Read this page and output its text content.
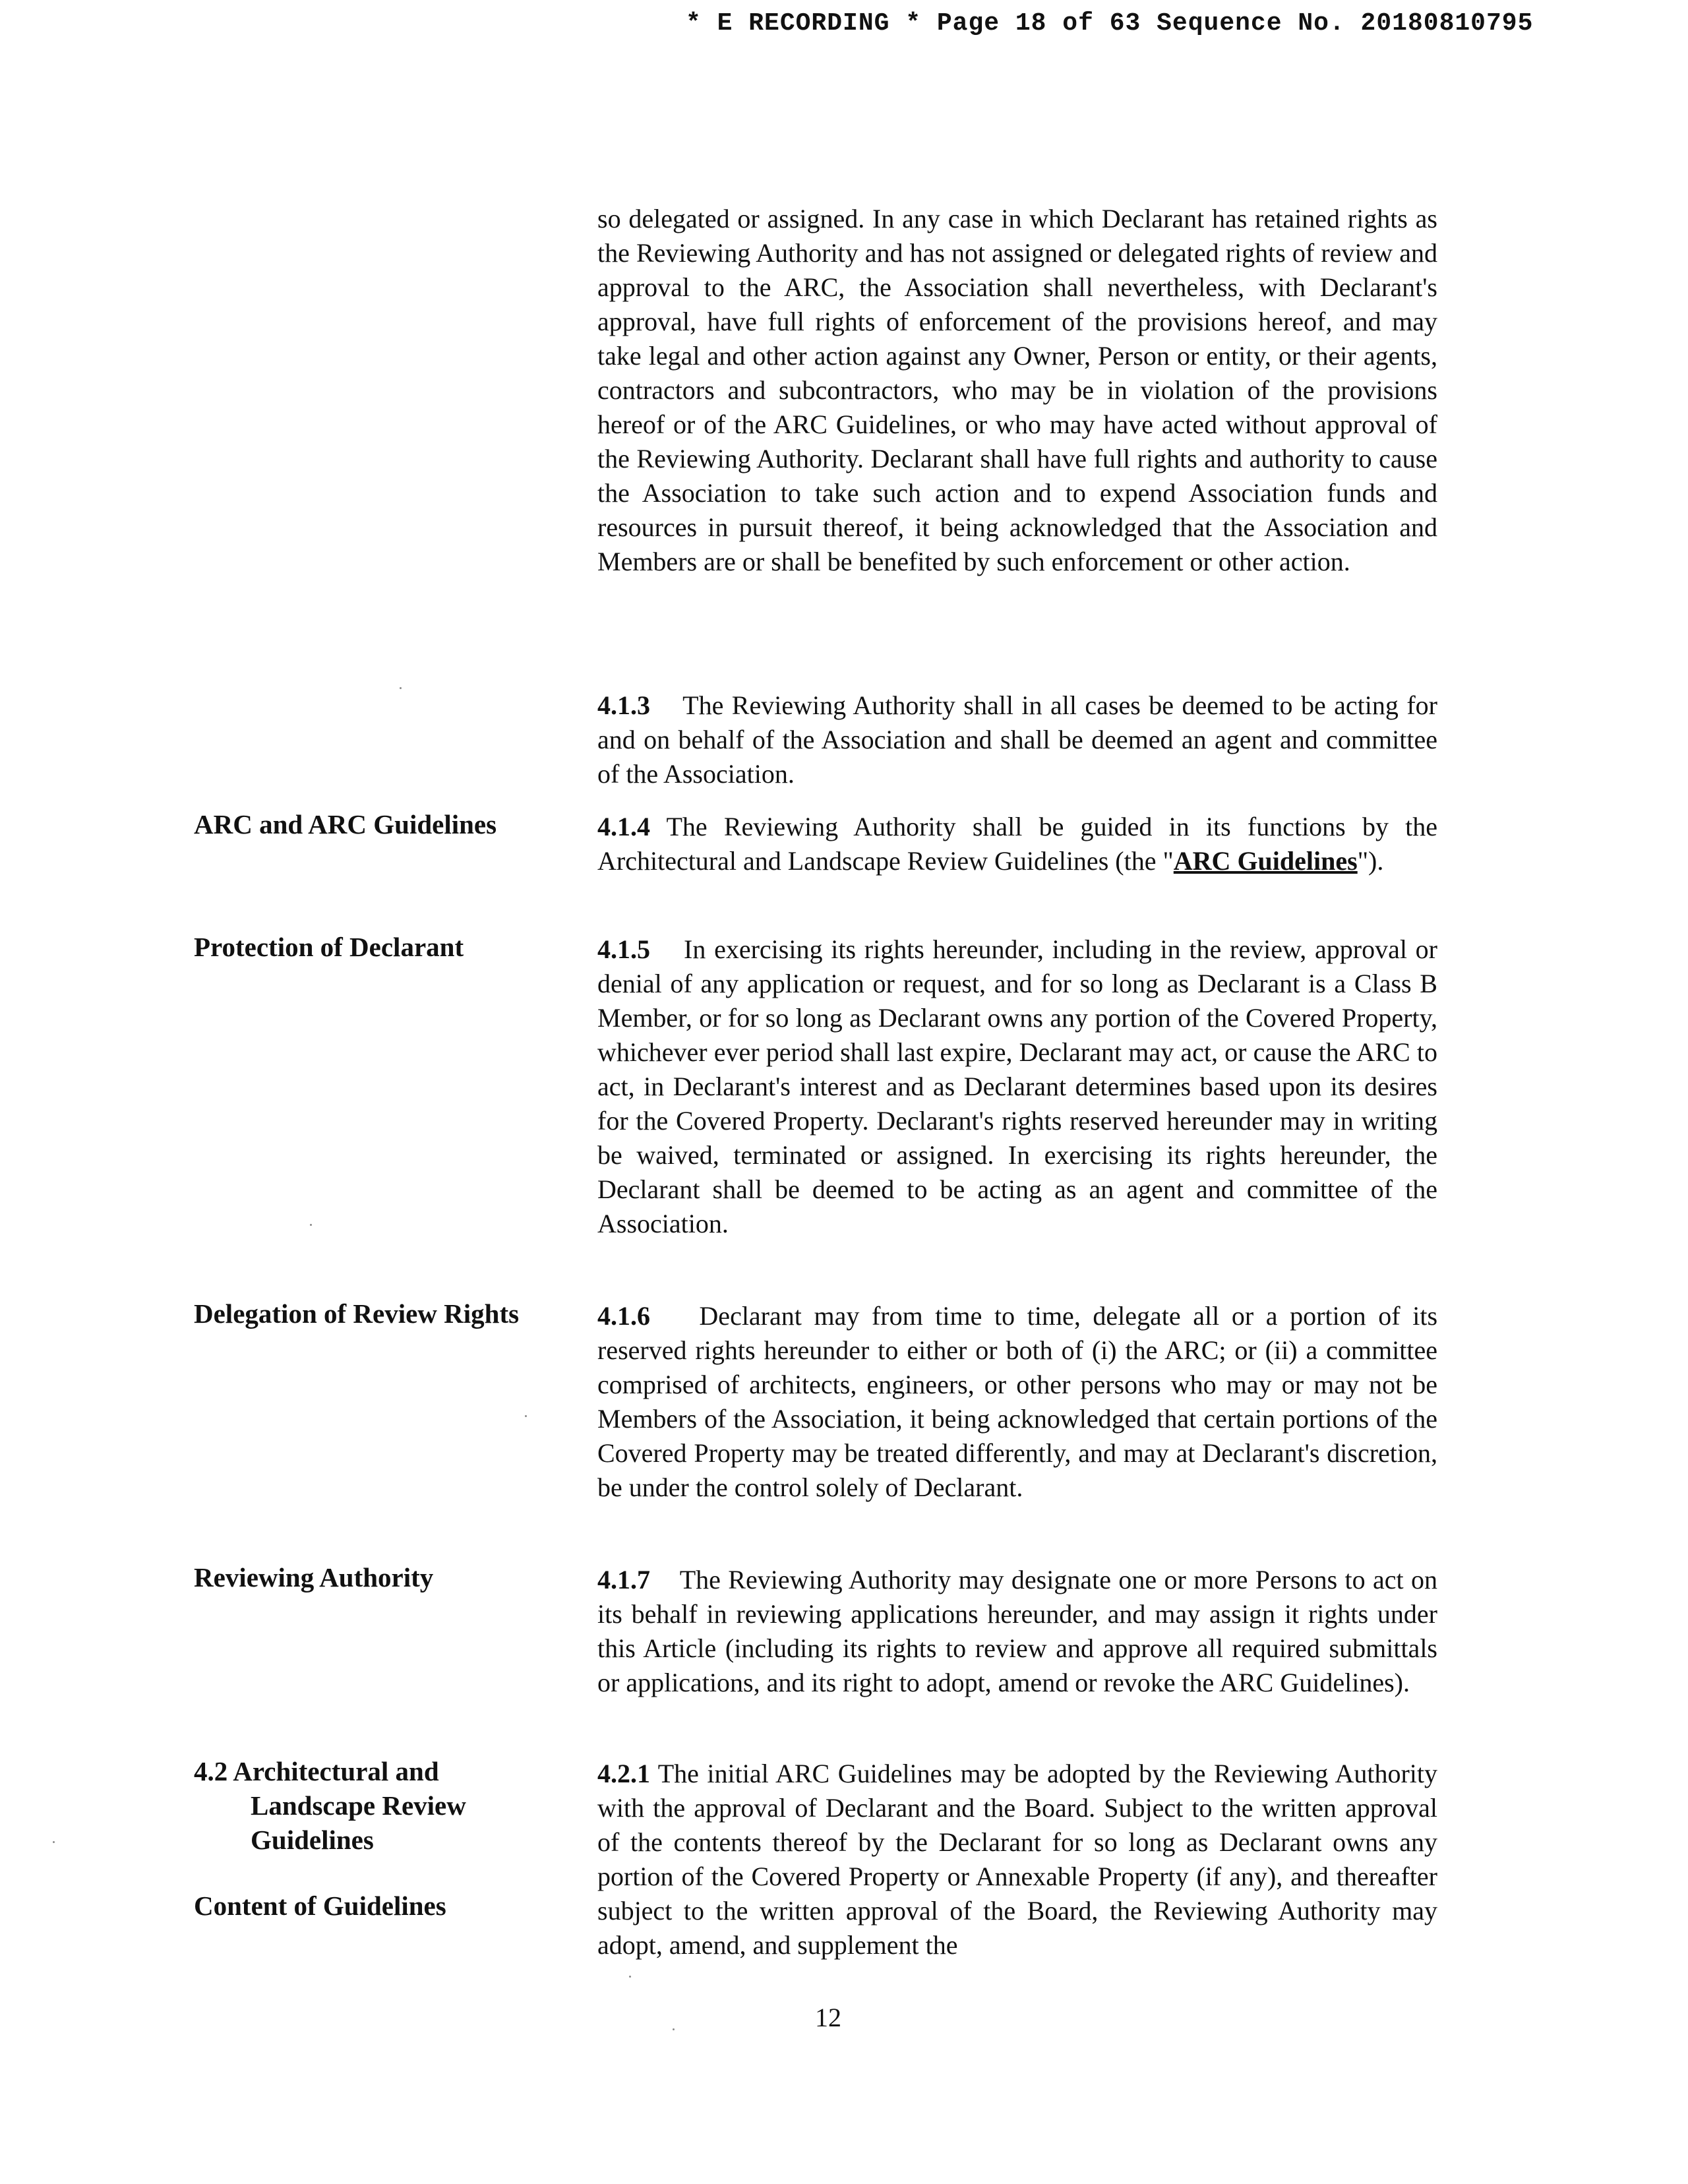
* E RECORDING * Page 18 of 63 Sequence No. 20180810795

so delegated or assigned. In any case in which Declarant has retained rights as the Reviewing Authority and has not assigned or delegated rights of review and approval to the ARC, the Association shall nevertheless, with Declarant's approval, have full rights of enforcement of the provisions hereof, and may take legal and other action against any Owner, Person or entity, or their agents, contractors and subcontractors, who may be in violation of the provisions hereof or of the ARC Guidelines, or who may have acted without approval of the Reviewing Authority. Declarant shall have full rights and authority to cause the Association to take such action and to expend Association funds and resources in pursuit thereof, it being acknowledged that the Association and Members are or shall be benefited by such enforcement or other action.

4.1.3 The Reviewing Authority shall in all cases be deemed to be acting for and on behalf of the Association and shall be deemed an agent and committee of the Association.

4.1.4 The Reviewing Authority shall be guided in its functions by the Architectural and Landscape Review Guidelines (the "ARC Guidelines").

4.1.5 In exercising its rights hereunder, including in the review, approval or denial of any application or request, and for so long as Declarant is a Class B Member, or for so long as Declarant owns any portion of the Covered Property, whichever ever period shall last expire, Declarant may act, or cause the ARC to act, in Declarant's interest and as Declarant determines based upon its desires for the Covered Property. Declarant's rights reserved hereunder may in writing be waived, terminated or assigned. In exercising its rights hereunder, the Declarant shall be deemed to be acting as an agent and committee of the Association.

4.1.6 Declarant may from time to time, delegate all or a portion of its reserved rights hereunder to either or both of (i) the ARC; or (ii) a committee comprised of architects, engineers, or other persons who may or may not be Members of the Association, it being acknowledged that certain portions of the Covered Property may be treated differently, and may at Declarant's discretion, be under the control solely of Declarant.

4.1.7 The Reviewing Authority may designate one or more Persons to act on its behalf in reviewing applications hereunder, and may assign it rights under this Article (including its rights to review and approve all required submittals or applications, and its right to adopt, amend or revoke the ARC Guidelines).

4.2.1 The initial ARC Guidelines may be adopted by the Reviewing Authority with the approval of Declarant and the Board. Subject to the written approval of the contents thereof by the Declarant for so long as Declarant owns any portion of the Covered Property or Annexable Property (if any), and thereafter subject to the written approval of the Board, the Reviewing Authority may adopt, amend, and supplement the

ARC and ARC Guidelines

Protection of Declarant

Delegation of Review Rights

Reviewing Authority

4.2 Architectural and
Landscape Review
Guidelines

Content of Guidelines

12
